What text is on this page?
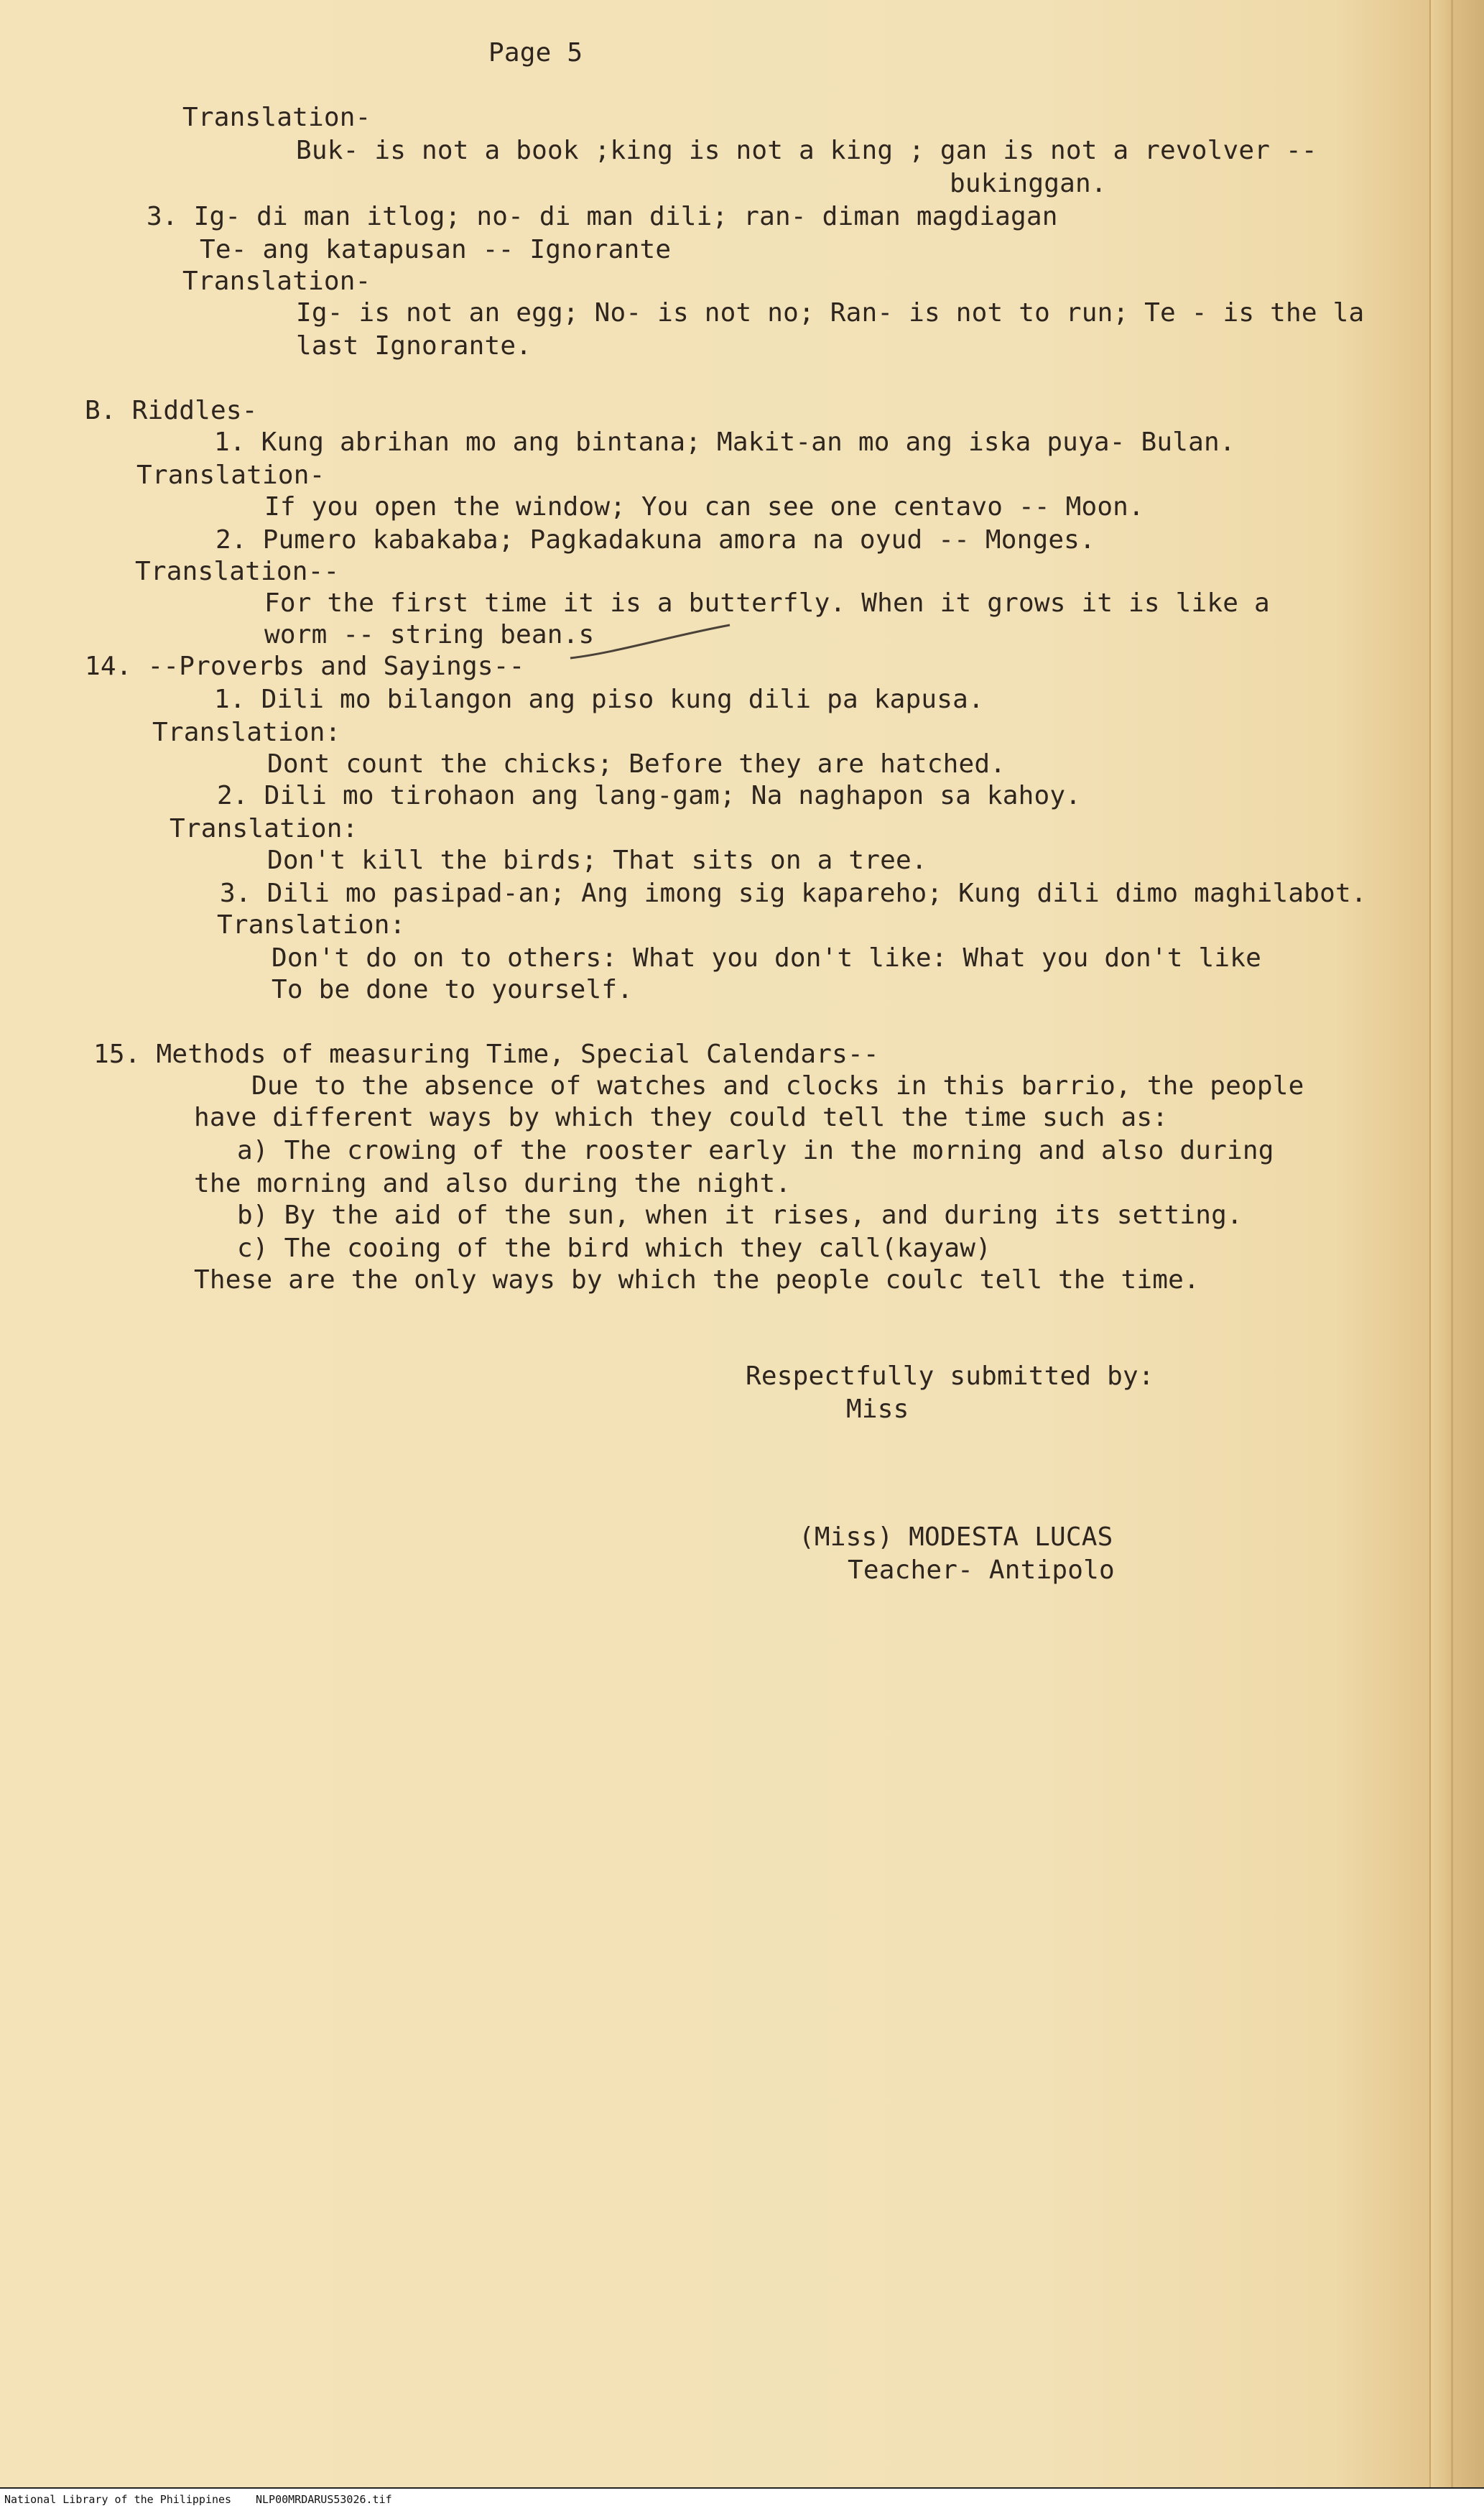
Page 5
Translation-
Buk- is not a book ;king is not a king ; gan is not a revolver --
bukinggan.
3. Ig- di man itlog; no- di man dili; ran- diman magdiagan
Te- ang katapusan -- Ignorante
Translation-
Ig- is not an egg; No- is not no; Ran- is not to run; Te - is the la
last Ignorante.
B. Riddles-
1. Kung abrihan mo ang bintana; Makit-an mo ang iska puya- Bulan.
Translation-
If you open the window; You can see one centavo -- Moon.
2. Pumero kabakaba; Pagkadakuna amora na oyud -- Monges.
Translation--
For the first time it is a butterfly. When it grows it is like a
worm -- string bean.s
14. --Proverbs and Sayings--
1. Dili mo bilangon ang piso kung dili pa kapusa.
Translation:
Dont count the chicks; Before they are hatched.
2. Dili mo tirohaon ang lang-gam; Na naghapon sa kahoy.
Translation:
Don't kill the birds; That sits on a tree.
3. Dili mo pasipad-an; Ang imong sig kapareho; Kung dili dimo maghilabot.
Translation:
Don't do on to others: What you don't like: What you don't like
To be done to yourself.
15. Methods of measuring Time, Special Calendars--
Due to the absence of watches and clocks in this barrio, the people
have different ways by which they could tell the time such as:
a) The crowing of the rooster early in the morning and also during
the morning and also during the night.
b) By the aid of the sun, when it rises, and during its setting.
c) The cooing of the bird which they call(kayaw)
These are the only ways by which the people coulc tell the time.
Respectfully submitted by:
Miss
(Miss) MODESTA LUCAS
Teacher- Antipolo
National Library of the Philippines NLP00MRDARUS53026.tif
